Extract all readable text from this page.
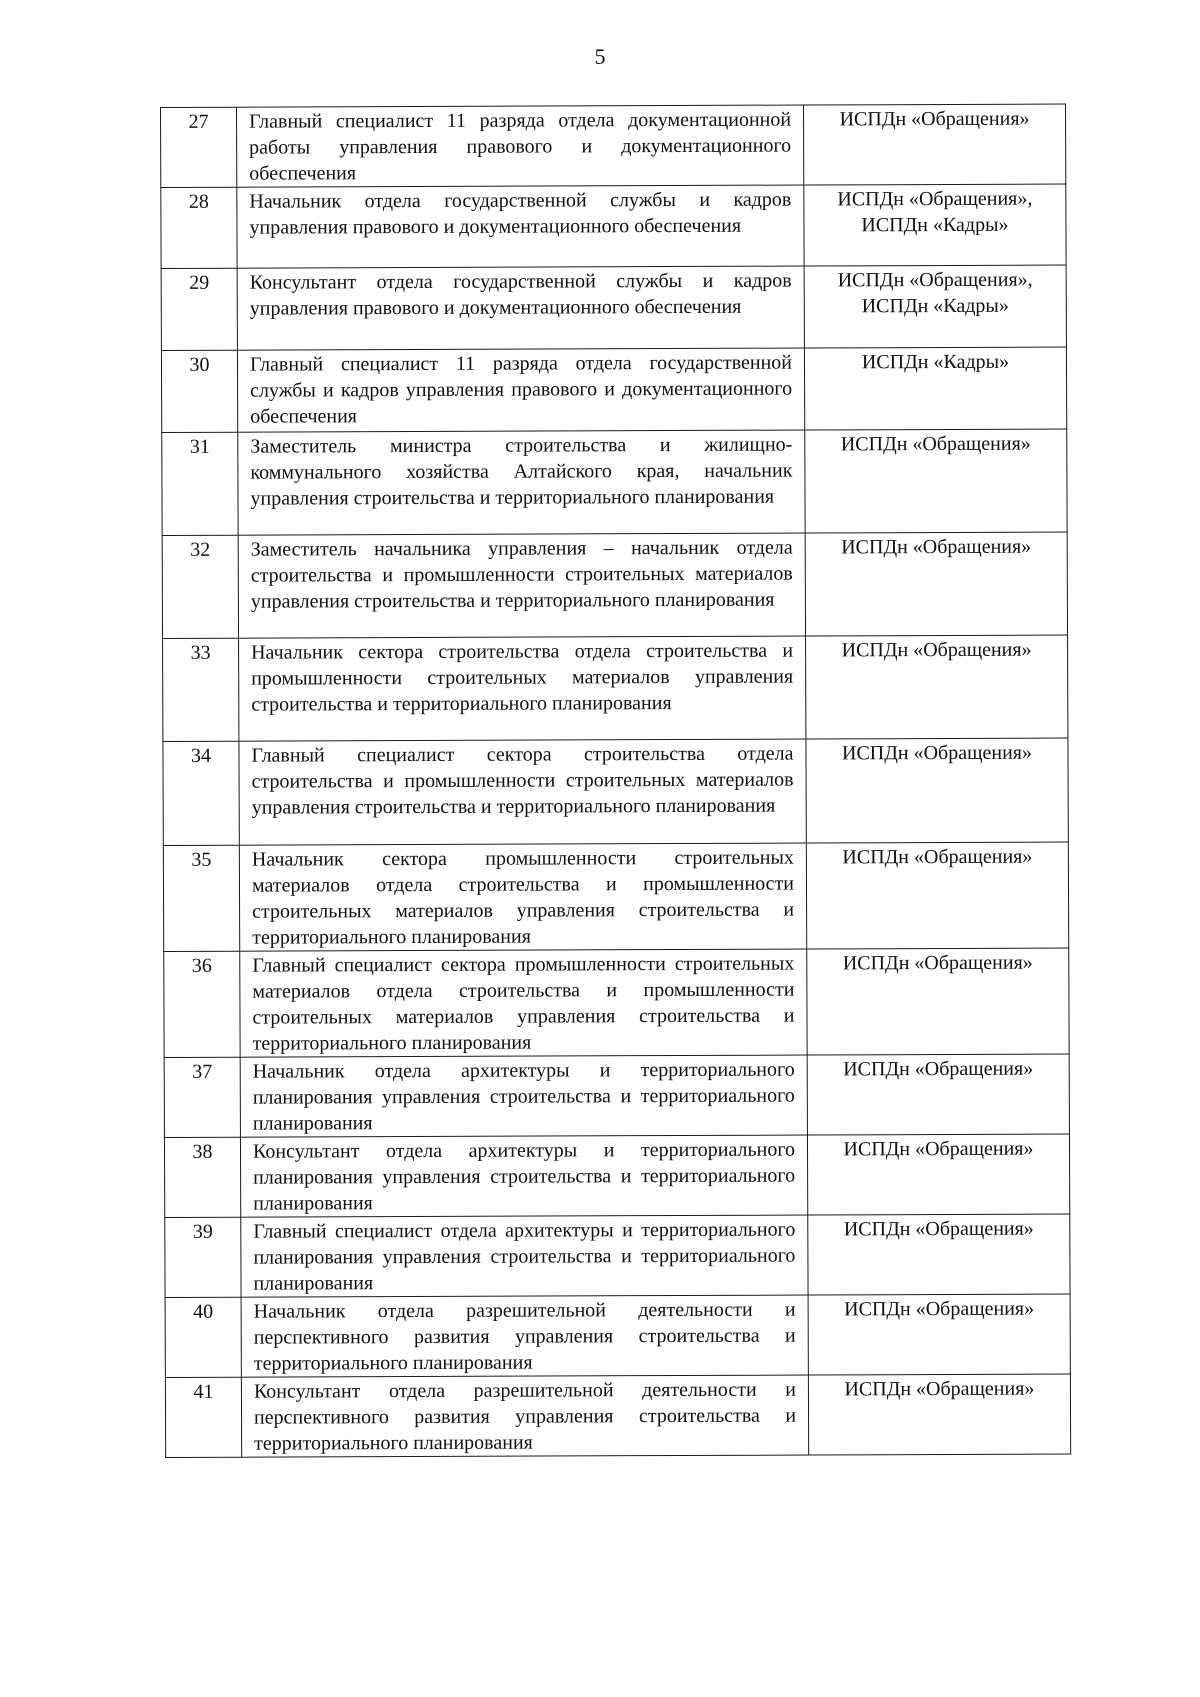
5
27	Главный специалист 11 разряда отдела документационной работы управления правового и документационного обеспечения	ИСПДн «Обращения»

28	Начальник отдела государственной службы и кадров управления правового и документационного обеспечения	ИСПДн «Обращения»,
ИСПДн «Кадры»

29	Консультант отдела государственной службы и кадров управления правового и документационного обеспечения	ИСПДн «Обращения»,
ИСПДн «Кадры»

30	Главный специалист 11 разряда отдела государственной службы и кадров управления правового и документационного обеспечения	ИСПДн «Кадры»

31	Заместитель министра строительства и жилищно-коммунального хозяйства Алтайского края, начальник управления строительства и территориального планирования	ИСПДн «Обращения»

32	Заместитель начальника управления – начальник отдела строительства и промышленности строительных материалов управления строительства и территориального планирования	ИСПДн «Обращения»

33	Начальник сектора строительства отдела строительства и промышленности строительных материалов управления строительства и территориального планирования	ИСПДн «Обращения»

34	Главный специалист сектора строительства отдела строительства и промышленности строительных материалов управления строительства и территориального планирования	ИСПДн «Обращения»

35	Начальник сектора промышленности строительных материалов отдела строительства и промышленности строительных материалов управления строительства и территориального планирования	ИСПДн «Обращения»

36	Главный специалист сектора промышленности строительных материалов отдела строительства и промышленности строительных материалов управления строительства и территориального планирования	ИСПДн «Обращения»

37	Начальник отдела архитектуры и территориального планирования управления строительства и территориального планирования	ИСПДн «Обращения»

38	Консультант отдела архитектуры и территориального планирования управления строительства и территориального планирования	ИСПДн «Обращения»

39	Главный специалист отдела архитектуры и территориального планирования управления строительства и территориального планирования	ИСПДн «Обращения»

40	Начальник отдела разрешительной деятельности и перспективного развития управления строительства и территориального планирования	ИСПДн «Обращения»

41	Консультант отдела разрешительной деятельности и перспективного развития управления строительства и территориального планирования	ИСПДн «Обращения»
